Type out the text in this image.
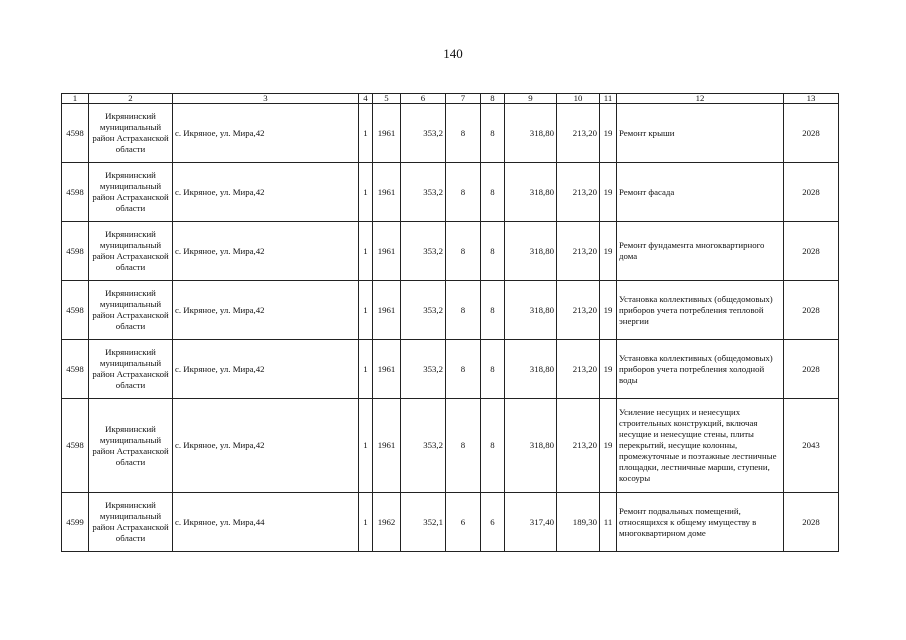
140
1	2	3	4	5	6	7	8	9	10	11	12	13
4598	Икрянинский муниципальный район Астраханской области	с. Икряное, ул. Мира,42	1	1961	353,2	8	8	318,80	213,20	19	Ремонт крыши	2028
4598	Икрянинский муниципальный район Астраханской области	с. Икряное, ул. Мира,42	1	1961	353,2	8	8	318,80	213,20	19	Ремонт фасада	2028
4598	Икрянинский муниципальный район Астраханской области	с. Икряное, ул. Мира,42	1	1961	353,2	8	8	318,80	213,20	19	Ремонт фундамента многоквартирного дома	2028
4598	Икрянинский муниципальный район Астраханской области	с. Икряное, ул. Мира,42	1	1961	353,2	8	8	318,80	213,20	19	Установка коллективных (общедомовых) приборов учета потребления тепловой энергии	2028
4598	Икрянинский муниципальный район Астраханской области	с. Икряное, ул. Мира,42	1	1961	353,2	8	8	318,80	213,20	19	Установка коллективных (общедомовых) приборов учета потребления холодной воды	2028
4598	Икрянинский муниципальный район Астраханской области	с. Икряное, ул. Мира,42	1	1961	353,2	8	8	318,80	213,20	19	Усиление несущих и ненесущих строительных конструкций, включая несущие и ненесущие стены, плиты перекрытий, несущие колонны, промежуточные и поэтажные лестничные площадки, лестничные марши, ступени, косоуры	2043
4599	Икрянинский муниципальный район Астраханской области	с. Икряное, ул. Мира,44	1	1962	352,1	6	6	317,40	189,30	11	Ремонт подвальных помещений, относящихся к общему имуществу в многоквартирном доме	2028
